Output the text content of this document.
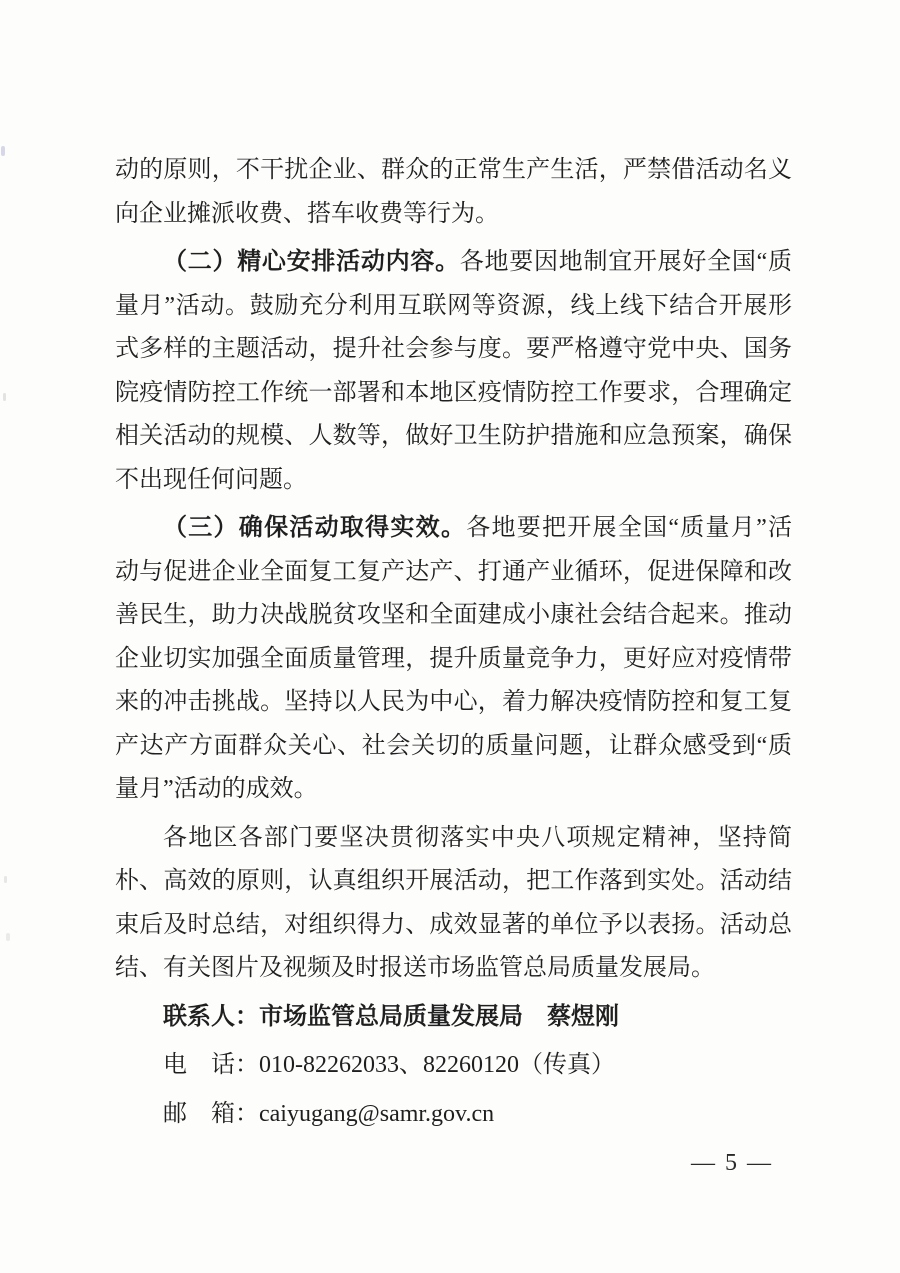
动的原则，不干扰企业、群众的正常生产生活，严禁借活动名义
向企业摊派收费、搭车收费等行为。
（二）精心安排活动内容。各地要因地制宜开展好全国“质
量月”活动。鼓励充分利用互联网等资源，线上线下结合开展形
式多样的主题活动，提升社会参与度。要严格遵守党中央、国务
院疫情防控工作统一部署和本地区疫情防控工作要求，合理确定
相关活动的规模、人数等，做好卫生防护措施和应急预案，确保
不出现任何问题。
（三）确保活动取得实效。各地要把开展全国“质量月”活
动与促进企业全面复工复产达产、打通产业循环，促进保障和改
善民生，助力决战脱贫攻坚和全面建成小康社会结合起来。推动
企业切实加强全面质量管理，提升质量竞争力，更好应对疫情带
来的冲击挑战。坚持以人民为中心，着力解决疫情防控和复工复
产达产方面群众关心、社会关切的质量问题，让群众感受到“质
量月”活动的成效。
各地区各部门要坚决贯彻落实中央八项规定精神，坚持简
朴、高效的原则，认真组织开展活动，把工作落到实处。活动结
束后及时总结，对组织得力、成效显著的单位予以表扬。活动总
结、有关图片及视频及时报送市场监管总局质量发展局。
联系人：市场监管总局质量发展局　蔡煜刚
电　话：010-82262033、82260120（传真）
邮　箱：caiyugang@samr.gov.cn
— 5 —
